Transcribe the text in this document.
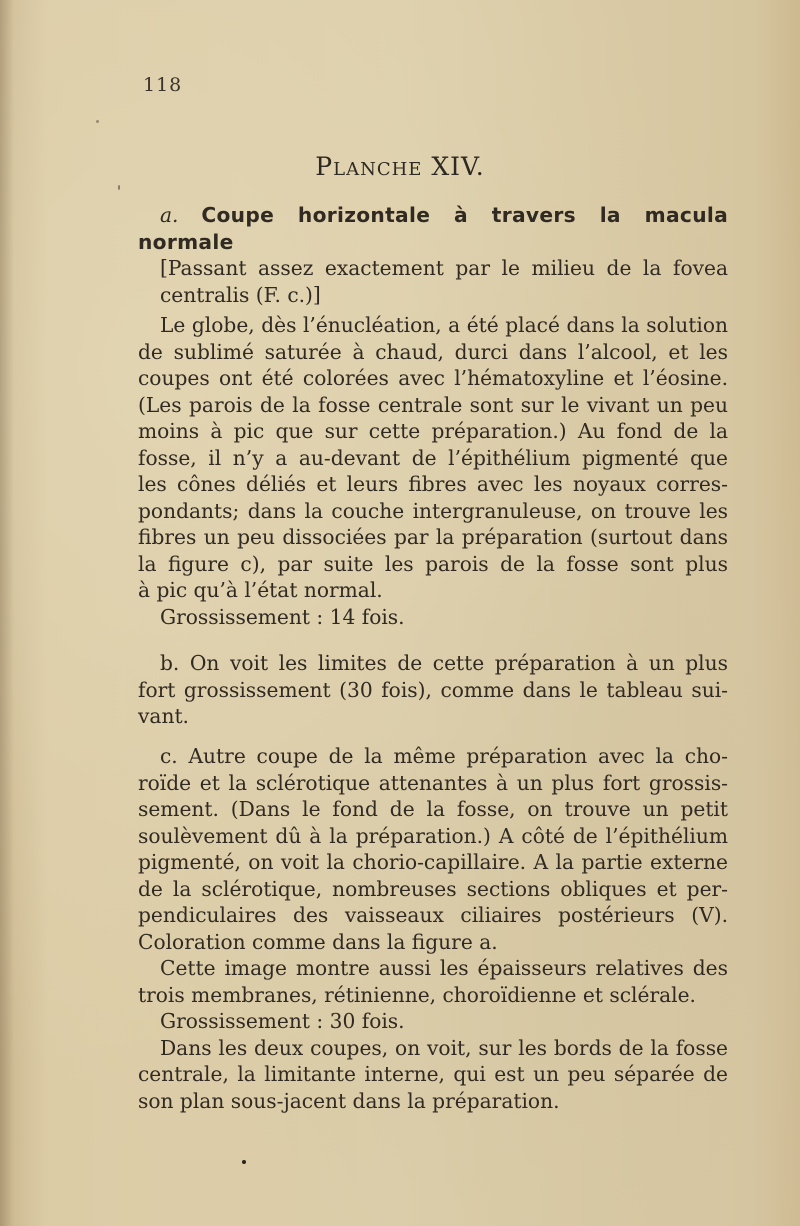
118
Planche XIV.
a. Coupe horizontale à travers la macula normale
[Passant assez exactement par le milieu de la fovea
centralis (F. c.)]
Le globe, dès l’énucléation, a été placé dans la solution
de sublimé saturée à chaud, durci dans l’alcool, et les
coupes ont été colorées avec l’hématoxyline et l’éosine.
(Les parois de la fosse centrale sont sur le vivant un peu
moins à pic que sur cette préparation.) Au fond de la
fosse, il n’y a au-devant de l’épithélium pigmenté que
les cônes déliés et leurs fibres avec les noyaux corres-
pondants; dans la couche intergranuleuse, on trouve les
fibres un peu dissociées par la préparation (surtout dans
la figure c), par suite les parois de la fosse sont plus
à pic qu’à l’état normal.
Grossissement : 14 fois.
b. On voit les limites de cette préparation à un plus
fort grossissement (30 fois), comme dans le tableau sui-
vant.
c. Autre coupe de la même préparation avec la cho-
roïde et la sclérotique attenantes à un plus fort grossis-
sement. (Dans le fond de la fosse, on trouve un petit
soulèvement dû à la préparation.) A côté de l’épithélium
pigmenté, on voit la chorio-capillaire. A la partie externe
de la sclérotique, nombreuses sections obliques et per-
pendiculaires des vaisseaux ciliaires postérieurs (V).
Coloration comme dans la figure a.
Cette image montre aussi les épaisseurs relatives des
trois membranes, rétinienne, choroïdienne et sclérale.
Grossissement : 30 fois.
Dans les deux coupes, on voit, sur les bords de la fosse
centrale, la limitante interne, qui est un peu séparée de
son plan sous-jacent dans la préparation.
